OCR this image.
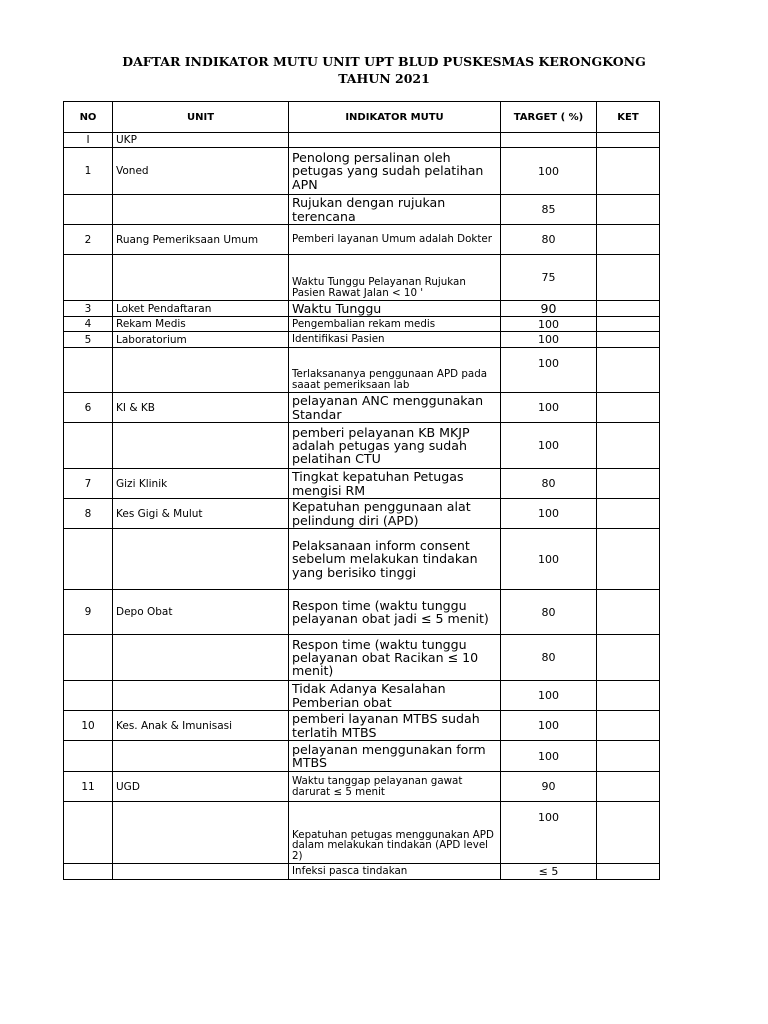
DAFTAR INDIKATOR MUTU UNIT UPT BLUD PUSKESMAS KERONGKONG
TAHUN 2021
NO	UNIT	INDIKATOR MUTU	TARGET ( %)	KET
I	UKP			
1	Voned	Penolong persalinan oleh petugas yang sudah pelatihan APN	100	
		Rujukan dengan rujukan terencana	85	
2	Ruang Pemeriksaan Umum	Pemberi layanan Umum adalah Dokter	80	
		Waktu Tunggu Pelayanan Rujukan Pasien Rawat Jalan < 10 '	75	
3	Loket Pendaftaran	Waktu Tunggu	90	
4	Rekam Medis	Pengembalian rekam medis	100	
5	Laboratorium	Identifikasi Pasien	100	
		Terlaksananya penggunaan APD pada saaat pemeriksaan lab	100	
6	KI & KB	pelayanan ANC menggunakan Standar	100	
		pemberi pelayanan KB MKJP adalah petugas yang sudah pelatihan CTU	100	
7	Gizi Klinik	Tingkat kepatuhan Petugas mengisi RM	80	
8	Kes Gigi & Mulut	Kepatuhan penggunaan alat pelindung diri (APD)	100	
		Pelaksanaan inform consent sebelum melakukan tindakan yang berisiko tinggi	100	
9	Depo Obat	Respon time (waktu tunggu pelayanan obat jadi ≤ 5 menit)	80	
		Respon time (waktu tunggu pelayanan obat Racikan ≤ 10 menit)	80	
		Tidak Adanya Kesalahan Pemberian obat	100	
10	Kes. Anak & Imunisasi	pemberi layanan MTBS sudah terlatih MTBS	100	
		pelayanan menggunakan form MTBS	100	
11	UGD	Waktu tanggap pelayanan gawat darurat ≤ 5 menit	90	
		Kepatuhan petugas menggunakan APD dalam melakukan tindakan (APD level 2)	100	
		Infeksi pasca tindakan	≤ 5	
